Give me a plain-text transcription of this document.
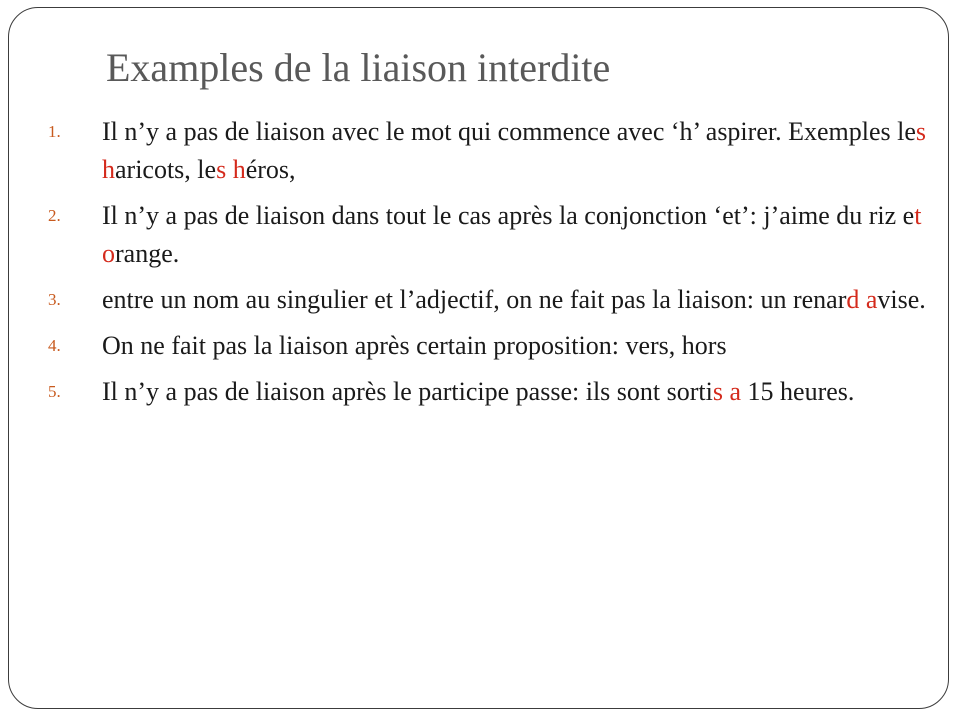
Examples de la liaison interdite
1.	Il n’y a pas de liaison avec le mot qui commence avec ‘h’ aspirer. Exemples les haricots, les héros,
2.	Il n’y a pas de liaison dans tout le cas après la conjonction ‘et’: j’aime du riz et orange.
3.	entre un nom au singulier et l’adjectif, on ne fait pas la liaison: un renard avise.
4.	On ne fait pas la liaison après certain proposition: vers, hors
5.	Il n’y a pas de liaison après le participe passe: ils sont sortis a 15 heures.
